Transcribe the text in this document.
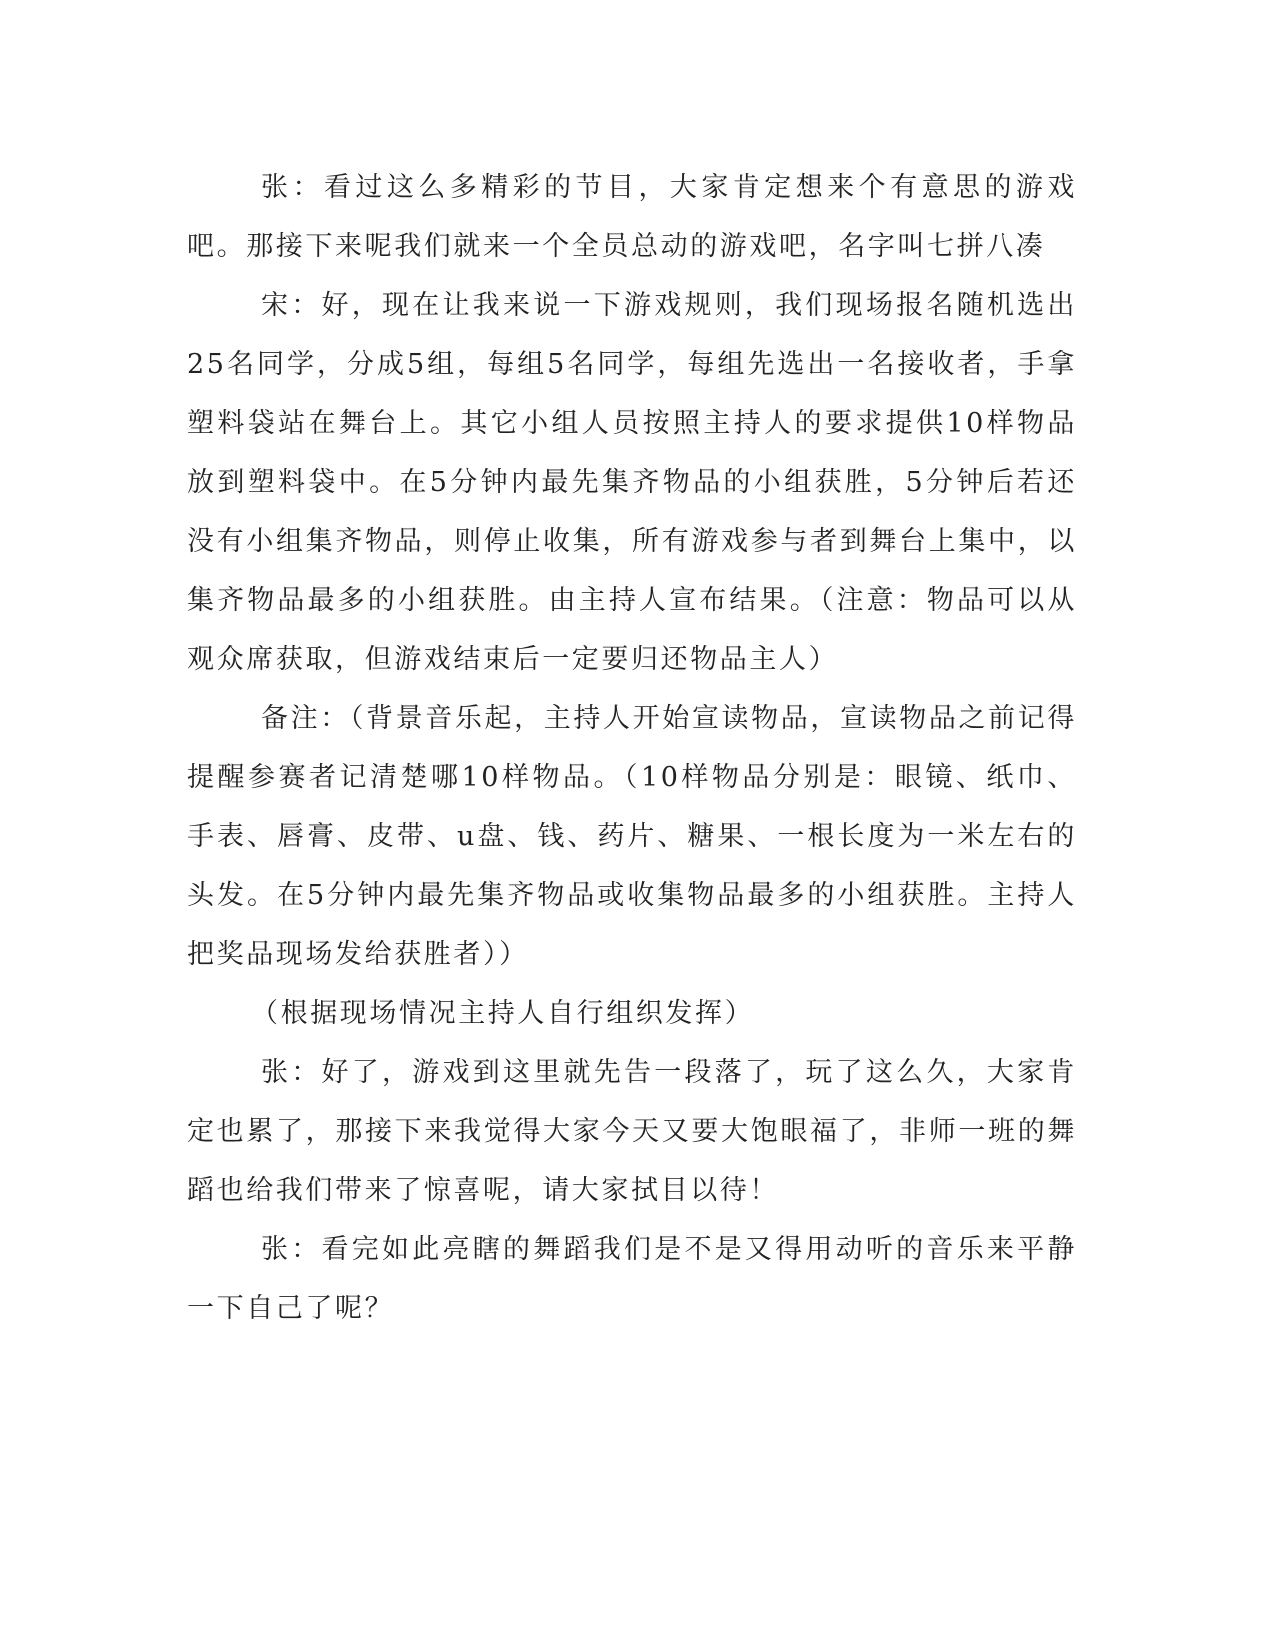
张：看过这么多精彩的节目，大家肯定想来个有意思的游戏吧。那接下来呢我们就来一个全员总动的游戏吧，名字叫七拼八凑

宋：好，现在让我来说一下游戏规则，我们现场报名随机选出25名同学，分成5组，每组5名同学，每组先选出一名接收者，手拿塑料袋站在舞台上。其它小组人员按照主持人的要求提供10样物品放到塑料袋中。在5分钟内最先集齐物品的小组获胜，5分钟后若还没有小组集齐物品，则停止收集，所有游戏参与者到舞台上集中，以集齐物品最多的小组获胜。由主持人宣布结果。（注意：物品可以从观众席获取，但游戏结束后一定要归还物品主人）

备注：（背景音乐起，主持人开始宣读物品，宣读物品之前记得提醒参赛者记清楚哪10样物品。（10样物品分别是：眼镜、纸巾、手表、唇膏、皮带、u盘、钱、药片、糖果、一根长度为一米左右的头发。在5分钟内最先集齐物品或收集物品最多的小组获胜。主持人把奖品现场发给获胜者））

（根据现场情况主持人自行组织发挥）

张：好了，游戏到这里就先告一段落了，玩了这么久，大家肯定也累了，那接下来我觉得大家今天又要大饱眼福了，非师一班的舞蹈也给我们带来了惊喜呢，请大家拭目以待！

张：看完如此亮瞎的舞蹈我们是不是又得用动听的音乐来平静一下自己了呢？
